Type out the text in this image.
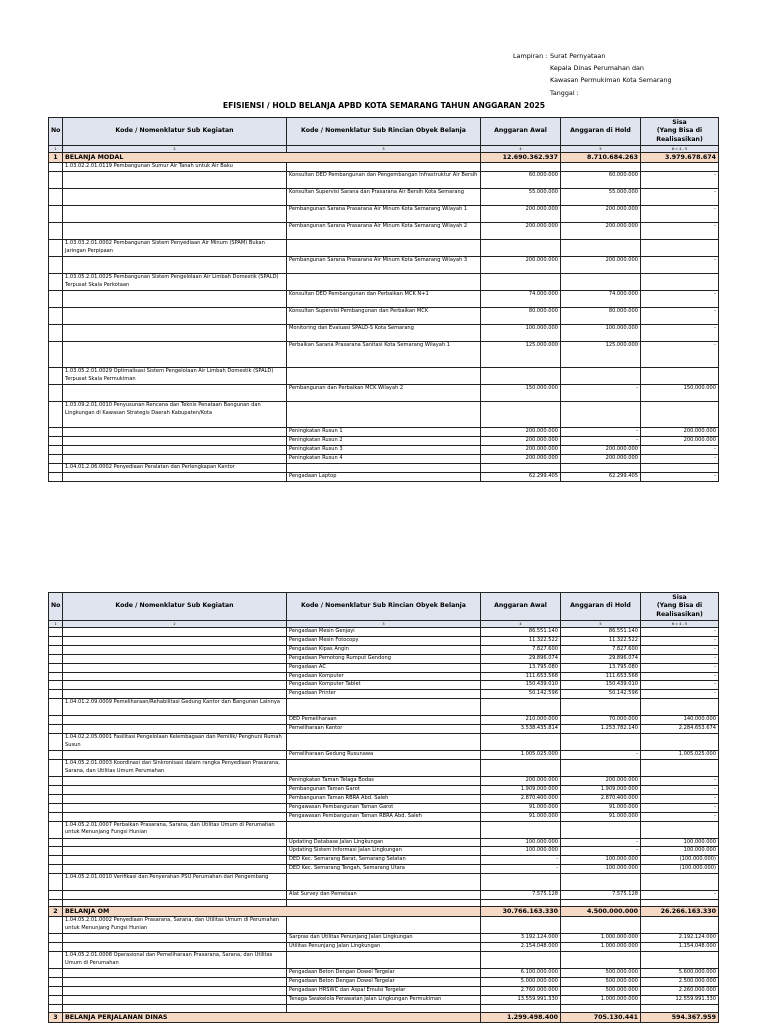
Lampiran : Surat Pernyataan
Kepala Dinas Perumahan dan
Kawasan Permukiman Kota Semarang
Tanggal :
EFISIENSI / HOLD BELANJA APBD KOTA SEMARANG TAHUN ANGGARAN 2025
No	Kode / Nomenklatur Sub Kegiatan	Kode / Nomenklatur Sub Rincian Obyek Belanja	Anggaran Awal	Anggaran di Hold	Sisa
(Yang Bisa di Realisasikan)

1	2	3	4	5	6 = 4 - 5
1	BELANJA MODAL		12.690.362.937	8.710.684.263	3.979.678.674
	1.03.02.2.01.0119 Pembangunan Sumur Air Tanah untuk Air Baku				
		Konsultan DED Pembangunan dan Pengembangan Infrastruktur Air Bersih	60.000.000	60.000.000	-
		Konsultan Supervisi Sarana dan Prasarana Air Bersih Kota Semarang	55.000.000	55.000.000	-
		Pembangunan Sarana Prasarana Air Minum Kota Semarang Wilayah 1	200.000.000	200.000.000	-
		Pembangunan Sarana Prasarana Air Minum Kota Semarang Wilayah 2	200.000.000	200.000.000	-
	1.03.03.2.01.0002 Pembangunan Sistem Penyediaan Air Minum (SPAM) Bukan Jaringan Perpipaan				
		Pembangunan Sarana Prasarana Air Minum Kota Semarang Wilayah 3	200.000.000	200.000.000	-
	1.03.05.2.01.0025 Pembangunan Sistem Pengelolaan Air Limbah Domestik (SPALD) Terpusat Skala Perkotaan				
		Konsultan DED Pembangunan dan Perbaikan MCK N+1	74.000.000	74.000.000	-
		Konsultan Supervisi Pembangunan dan Perbaikan MCK	80.000.000	80.000.000	-
		Monitoring dan Evaluasi SPALD-S Kota Semarang	100.000.000	100.000.000	-
		Perbaikan Sarana Prasarana Sanitasi Kota Semarang Wilayah 1	125.000.000	125.000.000	-
	1.03.05.2.01.0029 Optimalisasi Sistem Pengelolaan Air Limbah Domestik (SPALD) Terpusat Skala Permukiman				
		Pembangunan dan Perbaikan MCK Wilayah 2	150.000.000	-	150.000.000
	1.03.09.2.01.0010 Penyusunan Rencana dan Teknis Penataan Bangunan dan Lingkungan di Kawasan Strategis Daerah Kabupaten/Kota				
		Peningkatan Rusun 1	200.000.000	-	200.000.000
		Peningkatan Rusun 2	200.000.000	-	200.000.000
		Peningkatan Rusun 3	200.000.000	200.000.000	-
		Peningkatan Rusun 4	200.000.000	200.000.000	-
	1.04.01.2.06.0002 Penyediaan Peralatan dan Perlengkapan Kantor				
		Pengadaan Laptop	62.299.405	62.299.405	-
No	Kode / Nomenklatur Sub Kegiatan	Kode / Nomenklatur Sub Rincian Obyek Belanja	Anggaran Awal	Anggaran di Hold	Sisa
(Yang Bisa di Realisasikan)

1	2	3	4	5	6 = 4 - 5
		Pengadaan Mesin Genjayi	86.551.140	86.551.140	-
		Pengadaan Mesin Fotocopy	11.322.522	11.322.522	-
		Pengadaan Kipas Angin	7.827.600	7.827.600	-
		Pengadaan Pemotong Rumput Gendong	29.896.074	29.896.074	-
		Pengadaan AC	13.795.080	13.795.080	-
		Pengadaan Komputer	111.653.568	111.653.568	-
		Pengadaan Komputer Tablet	150.439.010	150.439.010	-
		Pengadaan Printer	50.142.596	50.142.596	-
	1.04.01.2.09.0009 Pemeliharaan/Rehabilitasi Gedung Kantor dan Bangunan Lainnya				
		DED Pemeliharaan	210.000.000	70.000.000	140.000.000
		Pemeliharaan Kantor	3.538.435.814	1.253.782.140	2.284.653.674
	1.04.02.2.05.0001 Fasilitasi Pengelolaan Kelembagaan dan Pemilik/ Penghuni Rumah Susun				
		Pemeliharaan Gedung Rusunawa	1.005.025.000	-	1.005.025.000
	1.04.05.2.01.0003 Koordinasi dan Sinkronisasi dalam rangka Penyediaan Prasarana, Sarana, dan Utilitas Umum Perumahan				
		Peningkatan Taman Telaga Bodas	200.000.000	200.000.000	-
		Pembangunan Taman Garot	1.909.000.000	1.909.000.000	-
		Pembangunan Taman RBRA Abd. Saleh	2.870.400.000	2.870.400.000	-
		Pengawasan Pembangunan Taman Garot	91.000.000	91.000.000	-
		Pengawasan Pembangunan Taman RBRA Abd. Saleh	91.000.000	91.000.000	-
	1.04.05.2.01.0007 Perbaikan Prasarana, Sarana, dan Utilitas Umum di Perumahan untuk Menunjang Fungsi Hunian				
		Updating Database Jalan Lingkungan	100.000.000	-	100.000.000
		Updating Sistem Informasi Jalan Lingkungan	100.000.000	-	100.000.000
		DED Kec. Semarang Barat, Semarang Selatan	-	100.000.000	(100.000.000)
		DED Kec. Semarang Tengah, Semarang Utara	-	100.000.000	(100.000.000)
	1.04.05.2.01.0010 Verifikasi dan Penyerahan PSU Perumahan dari Pengembang				
		Alat Survey dan Pemetaan	7.575.128	7.575.128	-

2	BELANJA OM		30.766.163.330	4.500.000.000	26.266.163.330
	1.04.05.2.01.0002 Penyediaan Prasarana, Sarana, dan Utilitas Umum di Perumahan untuk Menunjang Fungsi Hunian				
		Sarpras dan Utilitas Penunjang Jalan Lingkungan	3.192.124.000	1.000.000.000	2.192.124.000
		Utilitas Penunjang Jalan Lingkungan	2.154.048.000	1.000.000.000	1.154.048.000
	1.04.05.2.01.0008 Operasional dan Pemeliharaan Prasarana, Sarana, dan Utilitas Umum di Perumahan				
		Pengadaan Beton Dengan Dowel Tergelar	6.100.000.000	500.000.000	5.600.000.000
		Pengadaan Beton Dengan Dowel Tergelar	5.000.000.000	500.000.000	2.500.000.000
		Pengadaan HRSWC dan Aspal Emulsi Tergelar	2.760.000.000	500.000.000	2.260.000.000
		Tenaga Swakelola Perawatan Jalan Lingkungan Permukiman	13.559.991.330	1.000.000.000	12.559.991.330

3	BELANJA PERJALANAN DINAS		1.299.498.400	705.130.441	594.367.959
